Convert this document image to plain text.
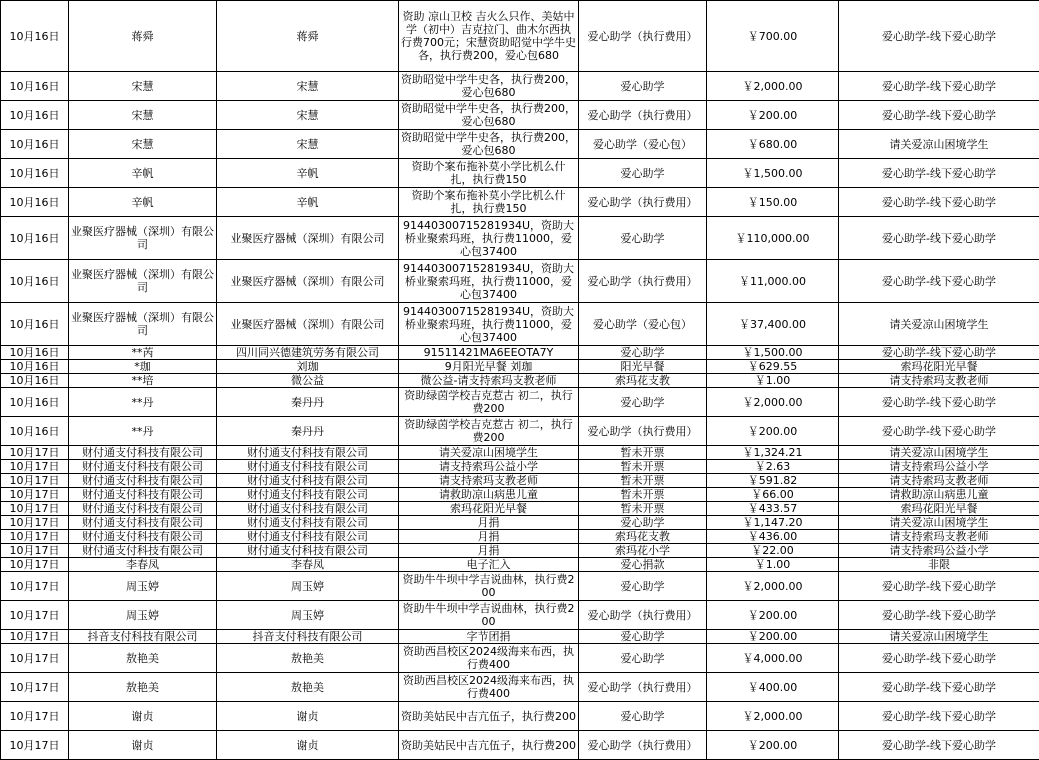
10月16日	蒋舜	蒋舜	资助 凉山卫校 吉火么只作、美姑中学（初中）吉克拉门、曲木尔西执行费700元；宋慧资助昭觉中学牛史各，执行费200，爱心包680	爱心助学（执行费用）	￥700.00	爱心助学-线下爱心助学
10月16日	宋慧	宋慧	资助昭觉中学牛史各，执行费200，爱心包680	爱心助学	￥2,000.00	爱心助学-线下爱心助学
10月16日	宋慧	宋慧	资助昭觉中学牛史各，执行费200，爱心包680	爱心助学（执行费用）	￥200.00	爱心助学-线下爱心助学
10月16日	宋慧	宋慧	资助昭觉中学牛史各，执行费200，爱心包680	爱心助学（爱心包）	￥680.00	请关爱凉山困境学生
10月16日	辛帆	辛帆	资助个案布拖补莫小学比机么什扎，执行费150	爱心助学	￥1,500.00	爱心助学-线下爱心助学
10月16日	辛帆	辛帆	资助个案布拖补莫小学比机么什扎，执行费150	爱心助学（执行费用）	￥150.00	爱心助学-线下爱心助学
10月16日	业聚医疗器械（深圳）有限公司	业聚医疗器械（深圳）有限公司	91440300715281934U，资助大桥业聚索玛班，执行费11000，爱心包37400	爱心助学	￥110,000.00	爱心助学-线下爱心助学
10月16日	业聚医疗器械（深圳）有限公司	业聚医疗器械（深圳）有限公司	91440300715281934U，资助大桥业聚索玛班，执行费11000，爱心包37400	爱心助学（执行费用）	￥11,000.00	爱心助学-线下爱心助学
10月16日	业聚医疗器械（深圳）有限公司	业聚医疗器械（深圳）有限公司	91440300715281934U，资助大桥业聚索玛班，执行费11000，爱心包37400	爱心助学（爱心包）	￥37,400.00	请关爱凉山困境学生
10月16日	**芮	四川同兴德建筑劳务有限公司	91511421MA6EEOTA7Y	爱心助学	￥1,500.00	爱心助学-线下爱心助学
10月16日	*珈	刘珈	9月阳光早餐 刘珈	阳光早餐	￥629.55	索玛花阳光早餐
10月16日	**培	微公益	微公益-请支持索玛支教老师	索玛花支教	￥1.00	请支持索玛支教老师
10月16日	**丹	秦丹丹	资助绿茵学校吉克惹古 初二，执行费200	爱心助学	￥2,000.00	爱心助学-线下爱心助学
10月16日	**丹	秦丹丹	资助绿茵学校吉克惹古 初二，执行费200	爱心助学（执行费用）	￥200.00	爱心助学-线下爱心助学
10月17日	财付通支付科技有限公司	财付通支付科技有限公司	请关爱凉山困境学生	暂未开票	￥1,324.21	请关爱凉山困境学生
10月17日	财付通支付科技有限公司	财付通支付科技有限公司	请支持索玛公益小学	暂未开票	￥2.63	请支持索玛公益小学
10月17日	财付通支付科技有限公司	财付通支付科技有限公司	请支持索玛支教老师	暂未开票	￥591.82	请支持索玛支教老师
10月17日	财付通支付科技有限公司	财付通支付科技有限公司	请救助凉山病患儿童	暂未开票	￥66.00	请救助凉山病患儿童
10月17日	财付通支付科技有限公司	财付通支付科技有限公司	索玛花阳光早餐	暂未开票	￥433.57	索玛花阳光早餐
10月17日	财付通支付科技有限公司	财付通支付科技有限公司	月捐	爱心助学	￥1,147.20	请关爱凉山困境学生
10月17日	财付通支付科技有限公司	财付通支付科技有限公司	月捐	索玛花支教	￥436.00	请支持索玛支教老师
10月17日	财付通支付科技有限公司	财付通支付科技有限公司	月捐	索玛花小学	￥22.00	请支持索玛公益小学
10月17日	李春凤	李春凤	电子汇入	爱心捐款	￥1.00	非限
10月17日	周玉婷	周玉婷	资助牛牛坝中学吉说曲林，执行费200	爱心助学	￥2,000.00	爱心助学-线下爱心助学
10月17日	周玉婷	周玉婷	资助牛牛坝中学吉说曲林，执行费200	爱心助学（执行费用）	￥200.00	爱心助学-线下爱心助学
10月17日	抖音支付科技有限公司	抖音支付科技有限公司	字节团捐	爱心助学	￥200.00	请关爱凉山困境学生
10月17日	敖艳美	敖艳美	资助西昌校区2024级海来布西，执行费400	爱心助学	￥4,000.00	爱心助学-线下爱心助学
10月17日	敖艳美	敖艳美	资助西昌校区2024级海来布西，执行费400	爱心助学（执行费用）	￥400.00	爱心助学-线下爱心助学
10月17日	谢贞	谢贞	资助美姑民中吉亢伍子，执行费200	爱心助学	￥2,000.00	爱心助学-线下爱心助学
10月17日	谢贞	谢贞	资助美姑民中吉亢伍子，执行费200	爱心助学（执行费用）	￥200.00	爱心助学-线下爱心助学
